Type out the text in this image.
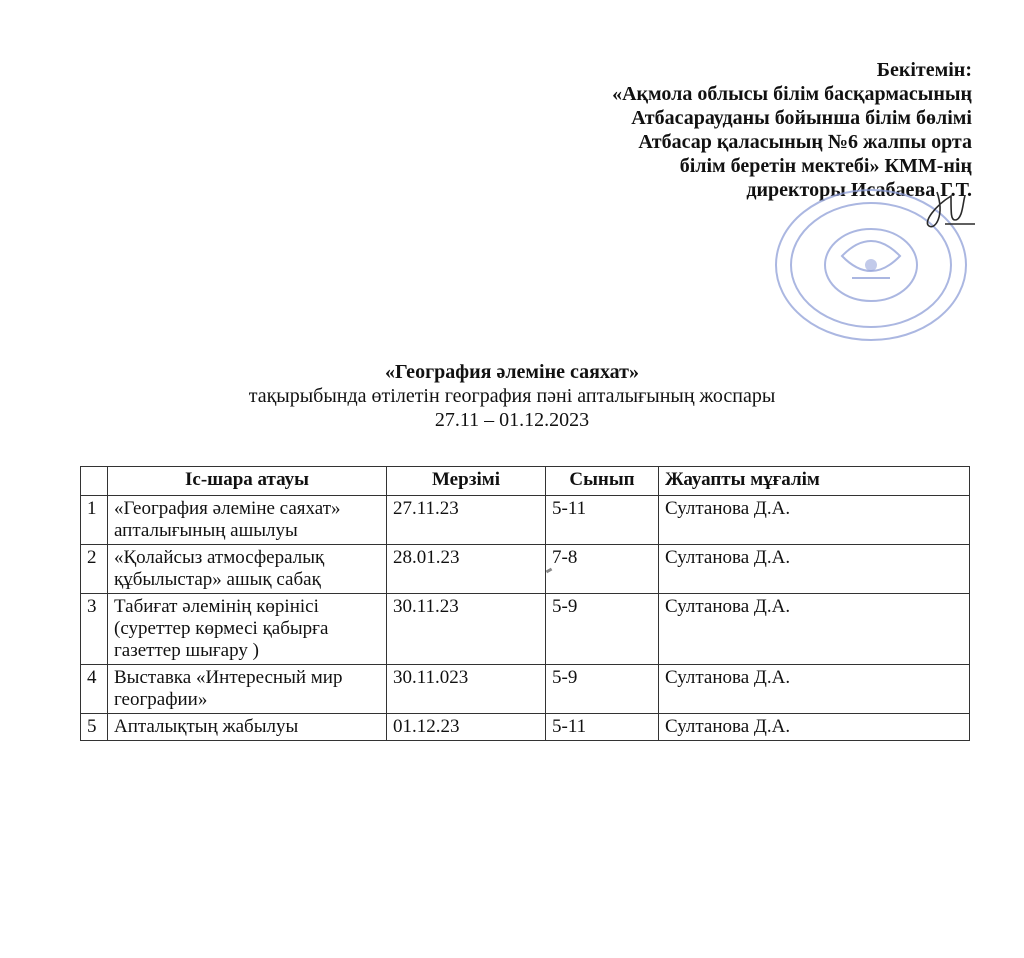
Бекітемін:
«Ақмола облысы білім басқармасының
Атбасарауданы бойынша білім бөлімі
Атбасар қаласының №6 жалпы орта
білім беретін мектебі» КММ-нің
директоры Исабаева Г.Т.
«География әлеміне саяхат»
тақырыбында өтілетін география пәні апталығының жоспары
27.11 – 01.12.2023
	Іс-шара атауы	Мерзімі	Сынып	Жауапты мұғалім
1	«География әлеміне саяхат» апталығының ашылуы	27.11.23	5-11	Султанова Д.А.
2	«Қолайсыз атмосфералық құбылыстар» ашық сабақ	28.01.23	7-8	Султанова Д.А.
3	Табиғат әлемінің көрінісі (суреттер көрмесі қабырға газеттер шығару )	30.11.23	5-9	Султанова Д.А.
4	Выставка «Интересный мир географии»	30.11.023	5-9	Султанова Д.А.
5	Апталықтың жабылуы	01.12.23	5-11	Султанова Д.А.
